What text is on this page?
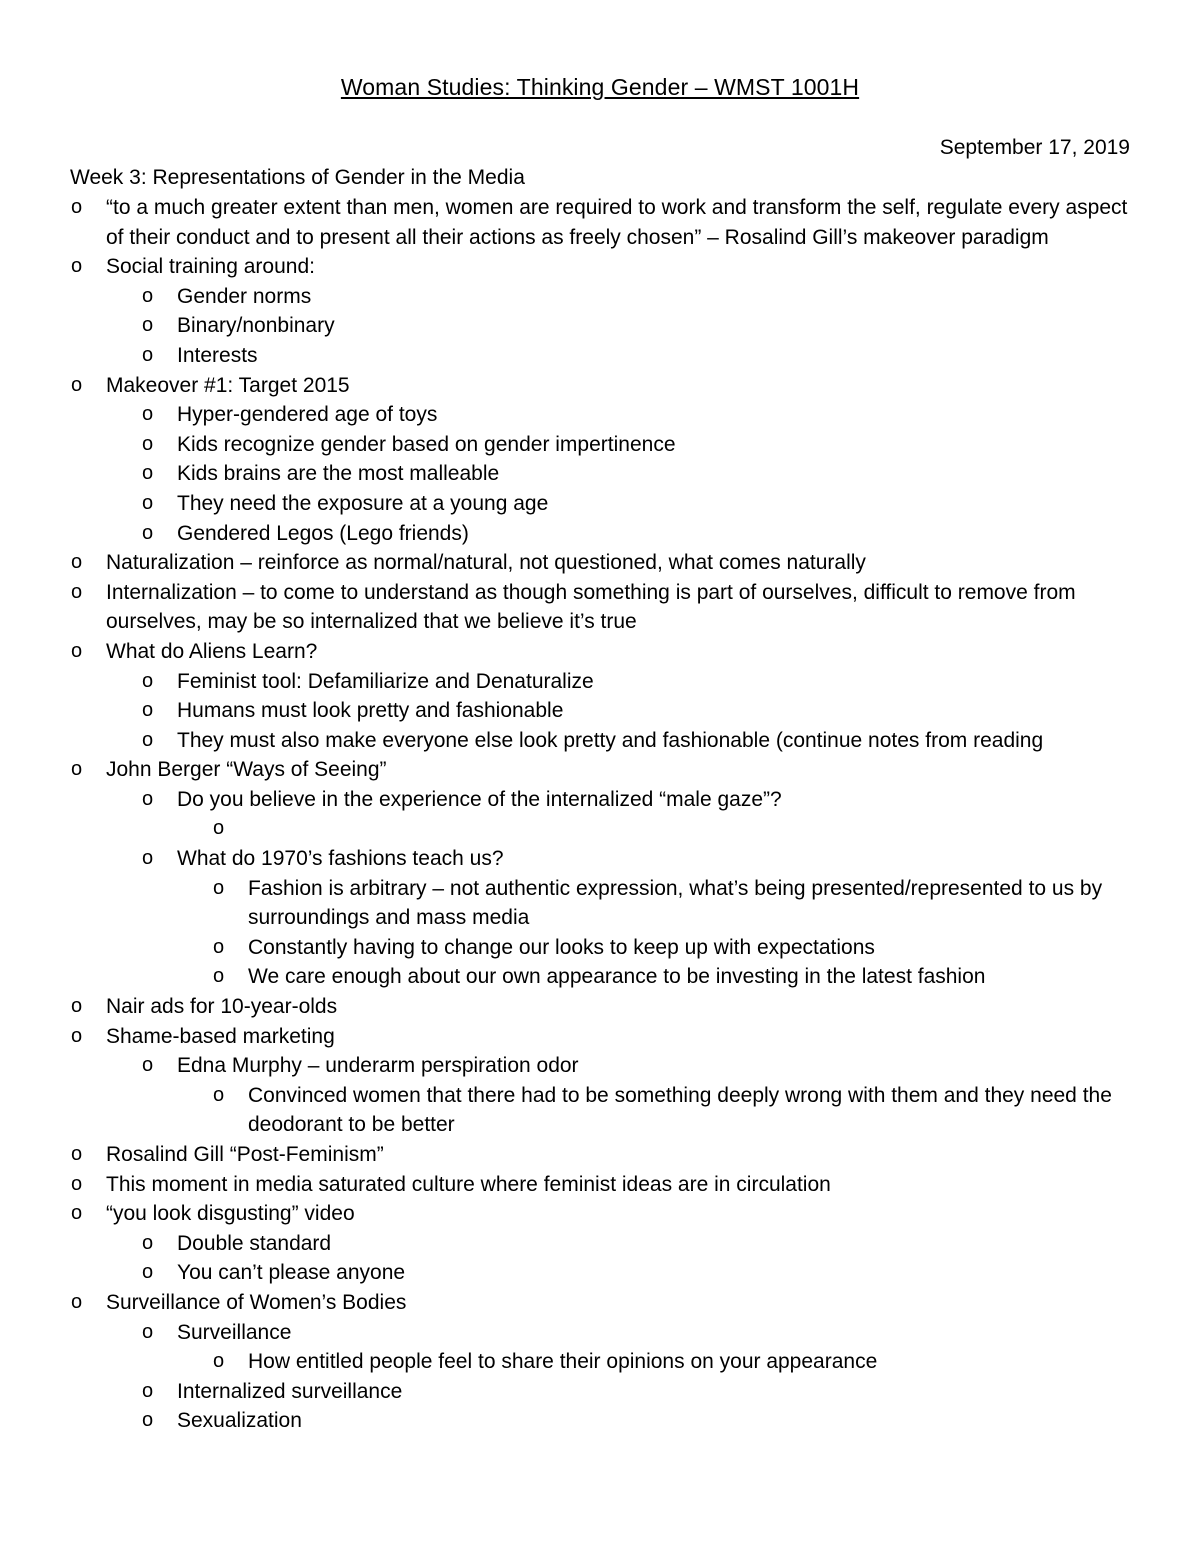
Woman Studies: Thinking Gender – WMST 1001H
September 17, 2019
Week 3: Representations of Gender in the Media
o “to a much greater extent than men, women are required to work and transform the self, regulate every aspect of their conduct and to present all their actions as freely chosen” – Rosalind Gill’s makeover paradigm
o Social training around:
o Gender norms
o Binary/nonbinary
o Interests
o Makeover #1: Target 2015
o Hyper-gendered age of toys
o Kids recognize gender based on gender impertinence
o Kids brains are the most malleable
o They need the exposure at a young age
o Gendered Legos (Lego friends)
o Naturalization – reinforce as normal/natural, not questioned, what comes naturally
o Internalization – to come to understand as though something is part of ourselves, difficult to remove from ourselves, may be so internalized that we believe it’s true
o What do Aliens Learn?
o Feminist tool: Defamiliarize and Denaturalize
o Humans must look pretty and fashionable
o They must also make everyone else look pretty and fashionable (continue notes from reading
o John Berger “Ways of Seeing”
o Do you believe in the experience of the internalized “male gaze”?
o
o What do 1970’s fashions teach us?
o Fashion is arbitrary – not authentic expression, what’s being presented/represented to us by surroundings and mass media
o Constantly having to change our looks to keep up with expectations
o We care enough about our own appearance to be investing in the latest fashion
o Nair ads for 10-year-olds
o Shame-based marketing
o Edna Murphy – underarm perspiration odor
o Convinced women that there had to be something deeply wrong with them and they need the deodorant to be better
o Rosalind Gill “Post-Feminism”
o This moment in media saturated culture where feminist ideas are in circulation
o “you look disgusting” video
o Double standard
o You can’t please anyone
o Surveillance of Women’s Bodies
o Surveillance
o How entitled people feel to share their opinions on your appearance
o Internalized surveillance
o Sexualization
